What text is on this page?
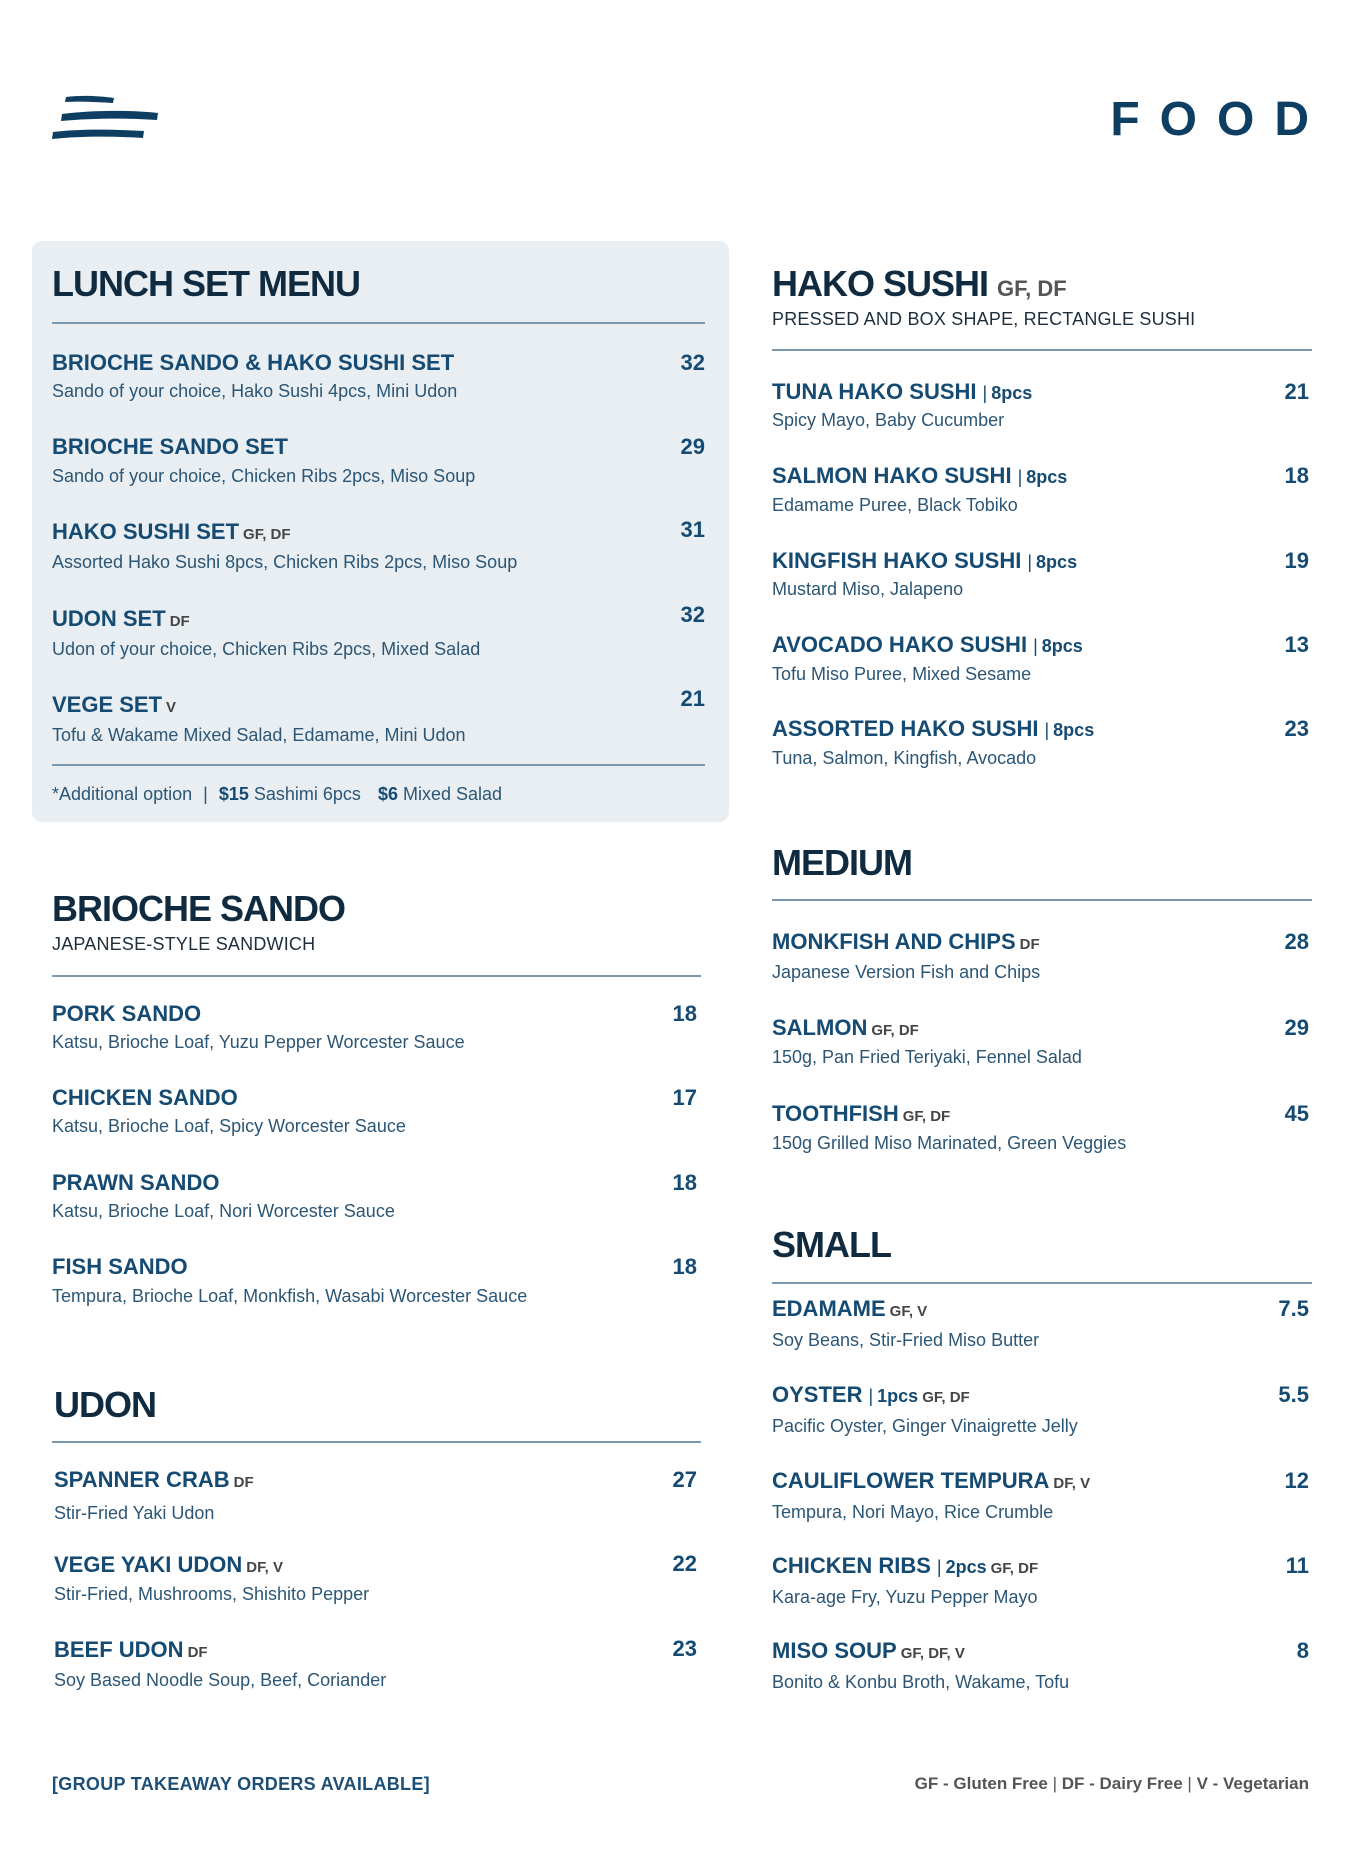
FOOD
LUNCH SET MENU
BRIOCHE SANDO & HAKO SUSHI SET
Sando of your choice, Hako Sushi 4pcs, Mini Udon
32
BRIOCHE SANDO SET
Sando of your choice, Chicken Ribs 2pcs, Miso Soup
29
HAKO SUSHI SET GF, DF
Assorted Hako Sushi 8pcs, Chicken Ribs 2pcs, Miso Soup
31
UDON SET DF
Udon of your choice, Chicken Ribs 2pcs, Mixed Salad
32
VEGE SET V
Tofu & Wakame Mixed Salad, Edamame, Mini Udon
21
*Additional option | $15 Sashimi 6pcs $6 Mixed Salad
BRIOCHE SANDO
JAPANESE-STYLE SANDWICH
PORK SANDO
Katsu, Brioche Loaf, Yuzu Pepper Worcester Sauce
18
CHICKEN SANDO
Katsu, Brioche Loaf, Spicy Worcester Sauce
17
PRAWN SANDO
Katsu, Brioche Loaf, Nori Worcester Sauce
18
FISH SANDO
Tempura, Brioche Loaf, Monkfish, Wasabi Worcester Sauce
18
UDON
SPANNER CRAB DF
Stir-Fried Yaki Udon
27
VEGE YAKI UDON DF, V
Stir-Fried, Mushrooms, Shishito Pepper
22
BEEF UDON DF
Soy Based Noodle Soup, Beef, Coriander
23
HAKO SUSHI GF, DF
PRESSED AND BOX SHAPE, RECTANGLE SUSHI
TUNA HAKO SUSHI | 8pcs
Spicy Mayo, Baby Cucumber
21
SALMON HAKO SUSHI | 8pcs
Edamame Puree, Black Tobiko
18
KINGFISH HAKO SUSHI | 8pcs
Mustard Miso, Jalapeno
19
AVOCADO HAKO SUSHI | 8pcs
Tofu Miso Puree, Mixed Sesame
13
ASSORTED HAKO SUSHI | 8pcs
Tuna, Salmon, Kingfish, Avocado
23
MEDIUM
MONKFISH AND CHIPS DF
Japanese Version Fish and Chips
28
SALMON GF, DF
150g, Pan Fried Teriyaki, Fennel Salad
29
TOOTHFISH GF, DF
150g Grilled Miso Marinated, Green Veggies
45
SMALL
EDAMAME GF, V
Soy Beans, Stir-Fried Miso Butter
7.5
OYSTER | 1pcs GF, DF
Pacific Oyster, Ginger Vinaigrette Jelly
5.5
CAULIFLOWER TEMPURA DF, V
Tempura, Nori Mayo, Rice Crumble
12
CHICKEN RIBS | 2pcs GF, DF
Kara-age Fry, Yuzu Pepper Mayo
11
MISO SOUP GF, DF, V
Bonito & Konbu Broth, Wakame, Tofu
8
[GROUP TAKEAWAY ORDERS AVAILABLE]	GF - Gluten Free | DF - Dairy Free | V - Vegetarian
